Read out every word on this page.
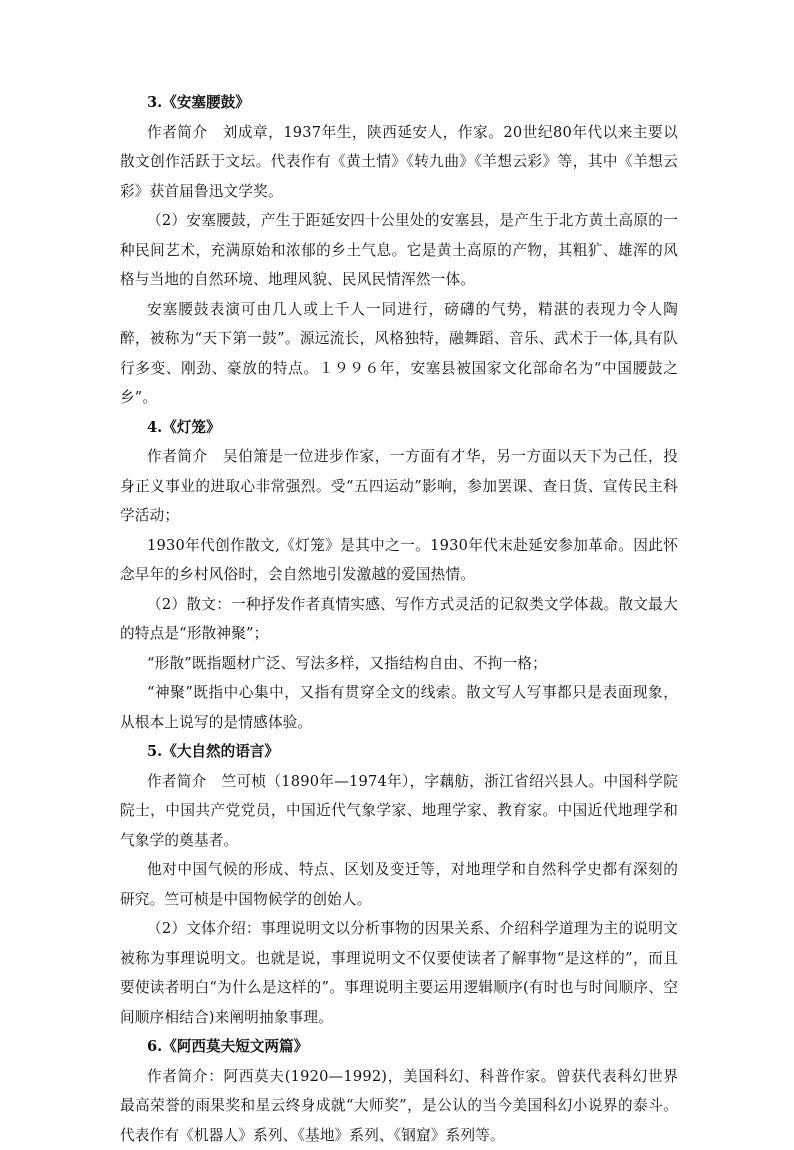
3.《安塞腰鼓》

作者简介　刘成章，1937年生，陕西延安人，作家。20世纪80年代以来主要以散文创作活跃于文坛。代表作有《黄土情》《转九曲》《羊想云彩》等，其中《羊想云彩》获首届鲁迅文学奖。

（2）安塞腰鼓，产生于距延安四十公里处的安塞县，是产生于北方黄土高原的一种民间艺术，充满原始和浓郁的乡土气息。它是黄土高原的产物，其粗犷、雄浑的风格与当地的自然环境、地理风貌、民风民情浑然一体。

安塞腰鼓表演可由几人或上千人一同进行，磅礴的气势，精湛的表现力令人陶醉，被称为“天下第一鼓”。源远流长，风格独特，融舞蹈、音乐、武术于一体,具有队行多变、刚劲、豪放的特点。１９９６年，安塞县被国家文化部命名为“中国腰鼓之乡”。

4.《灯笼》

作者简介　吴伯箫是一位进步作家，一方面有才华，另一方面以天下为己任，投身正义事业的进取心非常强烈。受“五四运动”影响，参加罢课、查日货、宣传民主科学活动；

1930年代创作散文,《灯笼》是其中之一。1930年代末赴延安参加革命。因此怀念早年的乡村风俗时，会自然地引发激越的爱国热情。

（2）散文：一种抒发作者真情实感、写作方式灵活的记叙类文学体裁。散文最大的特点是“形散神聚”；

“形散”既指题材广泛、写法多样，又指结构自由、不拘一格；

“神聚”既指中心集中，又指有贯穿全文的线索。散文写人写事都只是表面现象，从根本上说写的是情感体验。

5.《大自然的语言》

作者简介　竺可桢（1890年—1974年），字藕舫，浙江省绍兴县人。中国科学院院士，中国共产党党员，中国近代气象学家、地理学家、教育家。中国近代地理学和气象学的奠基者。

他对中国气候的形成、特点、区划及变迁等，对地理学和自然科学史都有深刻的研究。竺可桢是中国物候学的创始人。

（2）文体介绍：事理说明文以分析事物的因果关系、介绍科学道理为主的说明文被称为事理说明文。也就是说，事理说明文不仅要使读者了解事物“是这样的”，而且要使读者明白“为什么是这样的”。事理说明主要运用逻辑顺序(有时也与时间顺序、空间顺序相结合)来阐明抽象事理。

6.《阿西莫夫短文两篇》

作者简介：阿西莫夫(1920—1992)，美国科幻、科普作家。曾获代表科幻世界最高荣誉的雨果奖和星云终身成就“大师奖”，是公认的当今美国科幻小说界的泰斗。代表作有《机器人》系列、《基地》系列、《钢窟》系列等。
